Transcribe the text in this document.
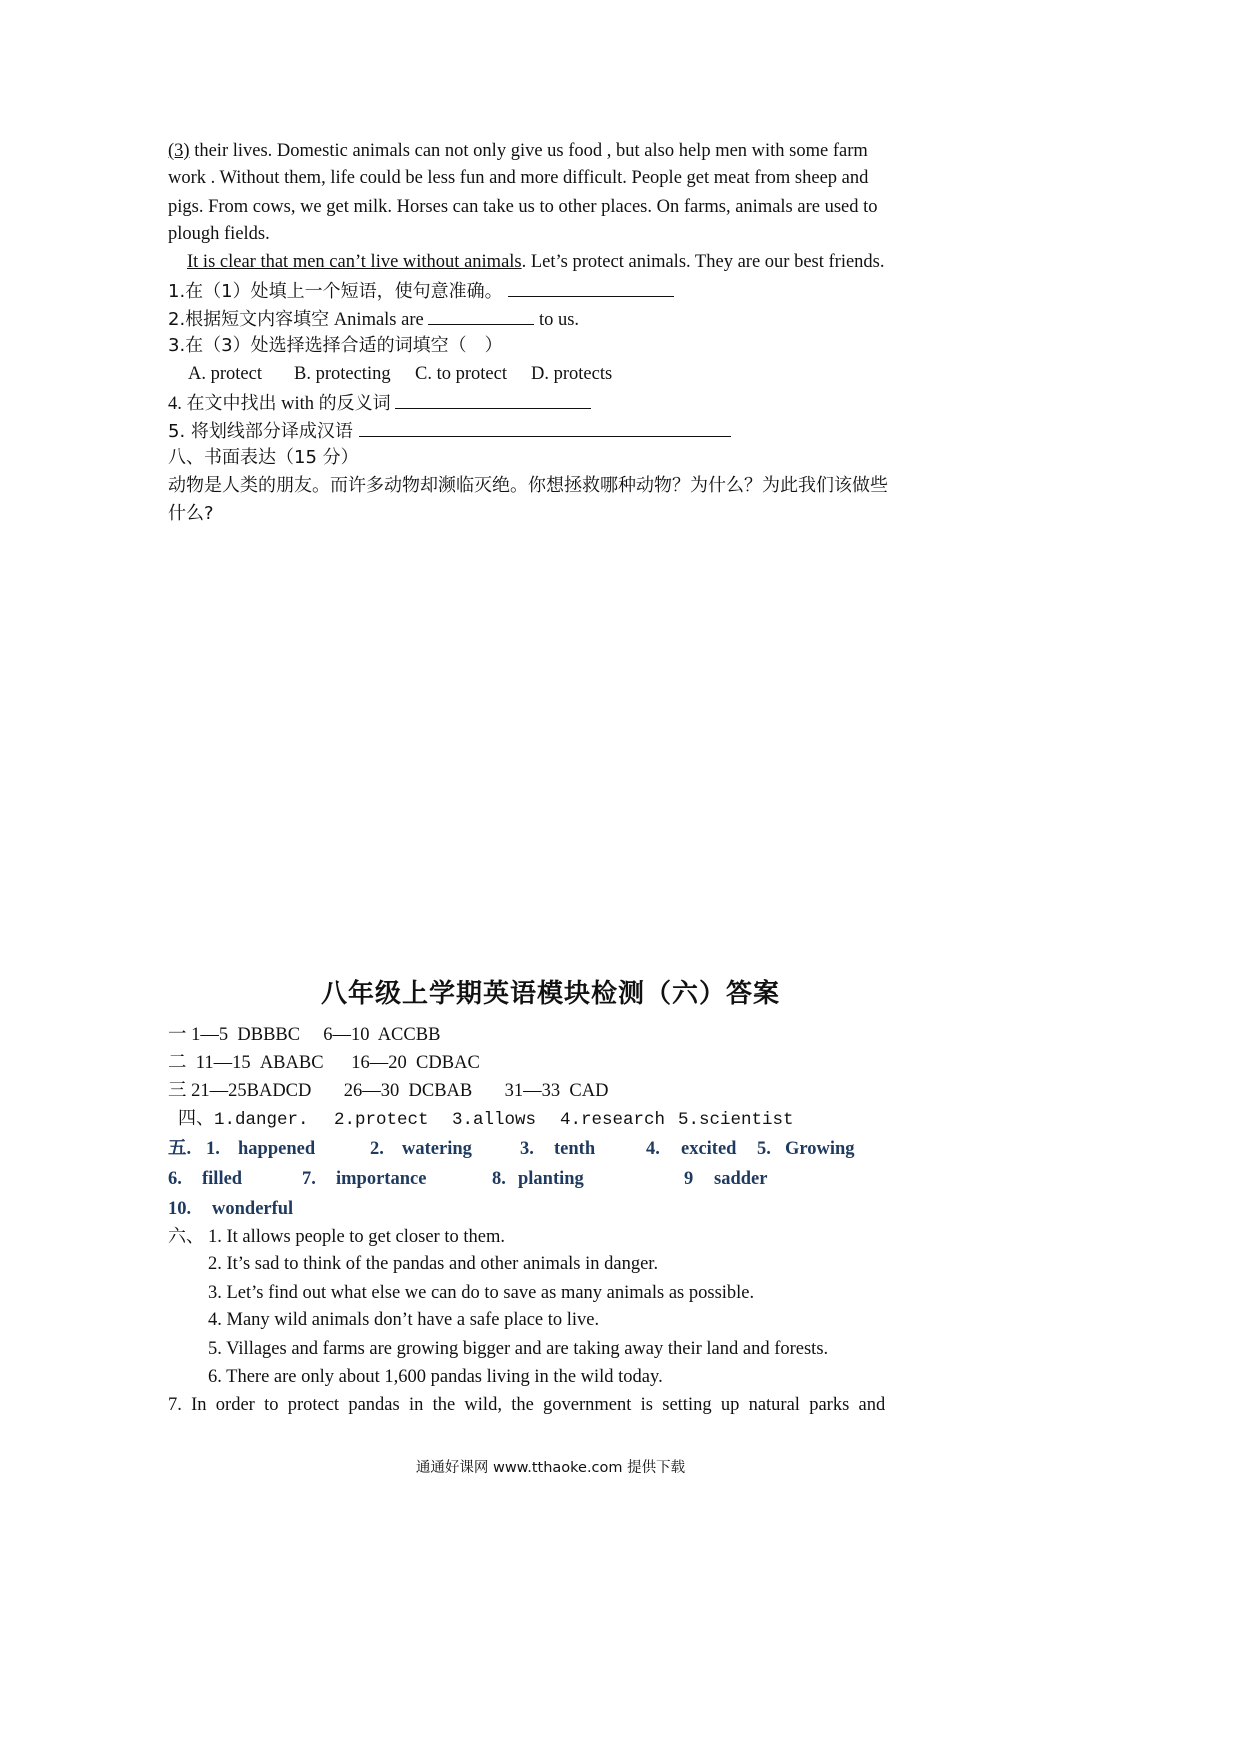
(3) their lives. Domestic animals can not only give us food , but also help men with some farm
work . Without them, life could be less fun and more difficult. People get meat from sheep and
pigs. From cows, we get milk. Horses can take us to other places. On farms, animals are used to
plough fields.
It is clear that men can’t live without animals. Let’s protect animals. They are our best friends.
1.在（1）处填上一个短语，使句意准确。
2.根据短文内容填空 Animals are	to us.
3.在（3）处选择选择合适的词填空（　）
A. protect B. protecting C. to protect D. protects
4. 在文中找出 with 的反义词
5. 将划线部分译成汉语
八、书面表达（15 分）
动物是人类的朋友。而许多动物却濒临灭绝。你想拯救哪种动物？为什么？为此我们该做些
什么?
八年级上学期英语模块检测（六）答案
一 1—5  DBBBC     6—10  ACCBB
二  11—15  ABABC      16—20  CDBAC
三 21—25BADCD       26—30  DCBAB       31—33  CAD
四、1.danger. 2.protect 3.allows 4.research 5.scientist
五. 1. happened	2. watering	3. tenth	4. excited 5. Growing
6. filled	7. importance	8. planting	9 sadder
10. wonderful
六、 1. It allows people to get closer to them.
2. It’s sad to think of the pandas and other animals in danger.
3. Let’s find out what else we can do to save as many animals as possible.
4. Many wild animals don’t have a safe place to live.
5. Villages and farms are growing bigger and are taking away their land and forests.
6. There are only about 1,600 pandas living in the wild today.
7.  In  order  to  protect  pandas  in  the  wild,  the  government  is  setting  up  natural  parks  and
通通好课网 www.tthaoke.com 提供下载
